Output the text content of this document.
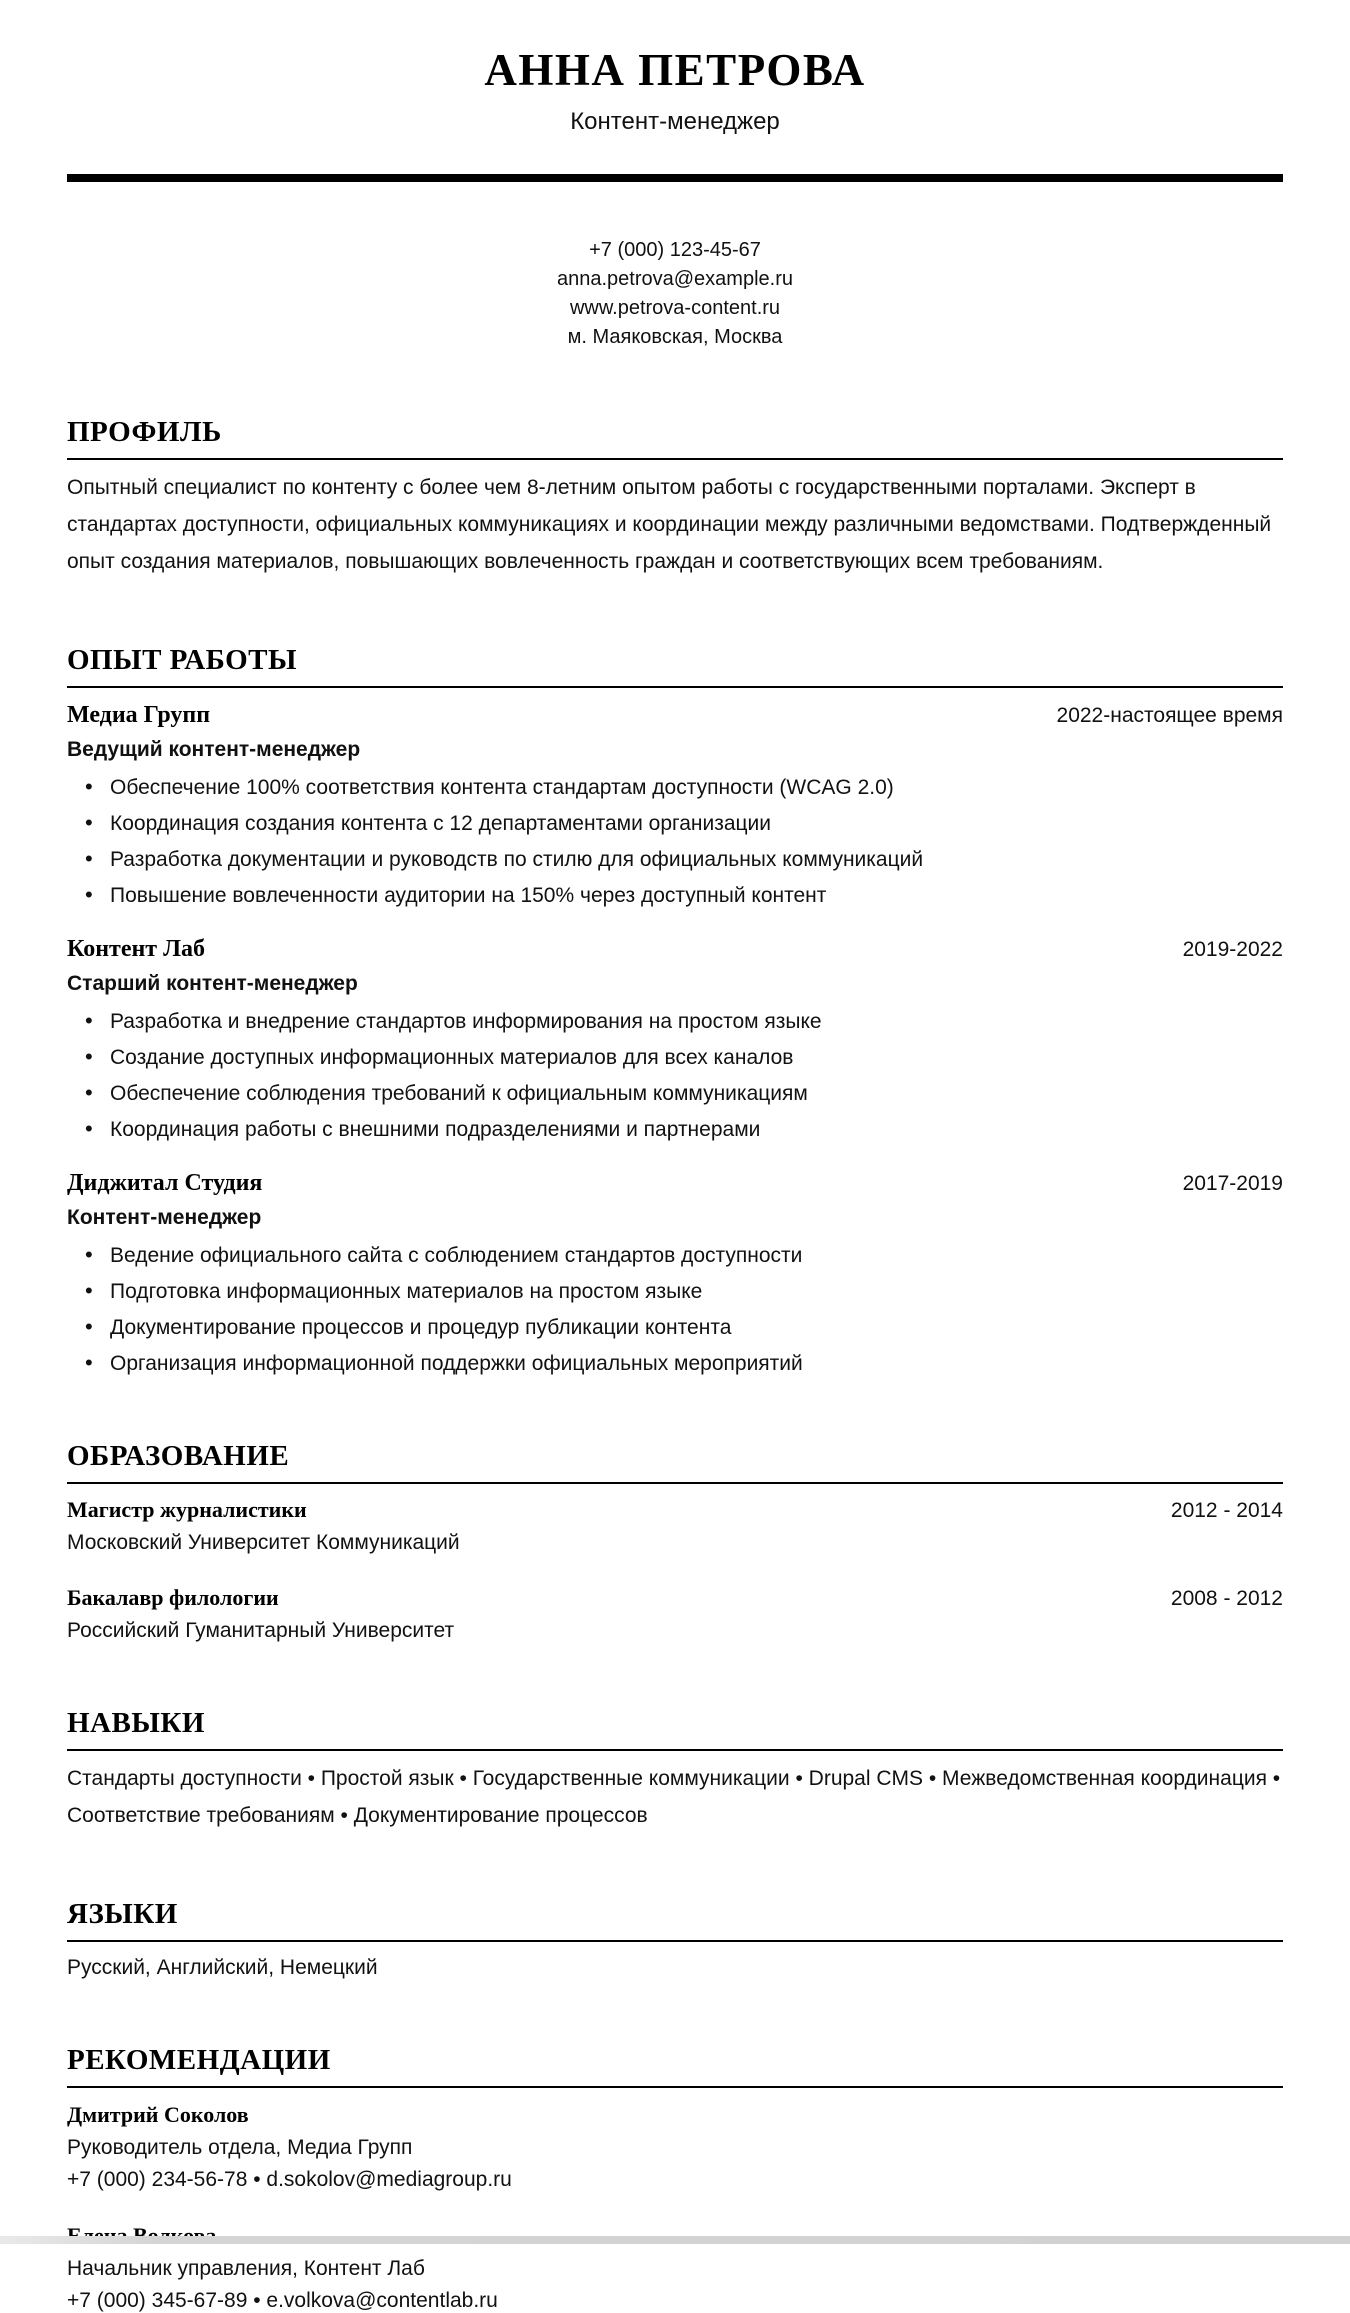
АННА ПЕТРОВА
Контент-менеджер
+7 (000) 123-45-67
anna.petrova@example.ru
www.petrova-content.ru
м. Маяковская, Москва
ПРОФИЛЬ

Опытный специалист по контенту с более чем 8-летним опытом работы с государственными порталами. Эксперт в стандартах доступности, официальных коммуникациях и координации между различными ведомствами. Подтвержденный опыт создания материалов, повышающих вовлеченность граждан и соответствующих всем требованиям.

ОПЫТ РАБОТЫ
Медиа Групп	2022-настоящее время
Ведущий контент-менеджер
• Обеспечение 100% соответствия контента стандартам доступности (WCAG 2.0)
• Координация создания контента с 12 департаментами организации
• Разработка документации и руководств по стилю для официальных коммуникаций
• Повышение вовлеченности аудитории на 150% через доступный контент
Контент Лаб	2019-2022
Старший контент-менеджер
• Разработка и внедрение стандартов информирования на простом языке
• Создание доступных информационных материалов для всех каналов
• Обеспечение соблюдения требований к официальным коммуникациям
• Координация работы с внешними подразделениями и партнерами
Диджитал Студия	2017-2019
Контент-менеджер
• Ведение официального сайта с соблюдением стандартов доступности
• Подготовка информационных материалов на простом языке
• Документирование процессов и процедур публикации контента
• Организация информационной поддержки официальных мероприятий
ОБРАЗОВАНИЕ
Магистр журналистики	2012 - 2014
Московский Университет Коммуникаций
Бакалавр филологии	2008 - 2012
Российский Гуманитарный Университет
НАВЫКИ

Стандарты доступности • Простой язык • Государственные коммуникации • Drupal CMS • Межведомственная координация • Соответствие требованиям • Документирование процессов

ЯЗЫКИ

Русский, Английский, Немецкий

РЕКОМЕНДАЦИИ
Дмитрий Соколов
Руководитель отдела, Медиа Групп
+7 (000) 234-56-78 • d.sokolov@mediagroup.ru
Начальник управления, Контент Лаб
+7 (000) 345-67-89 • e.volkova@contentlab.ru
